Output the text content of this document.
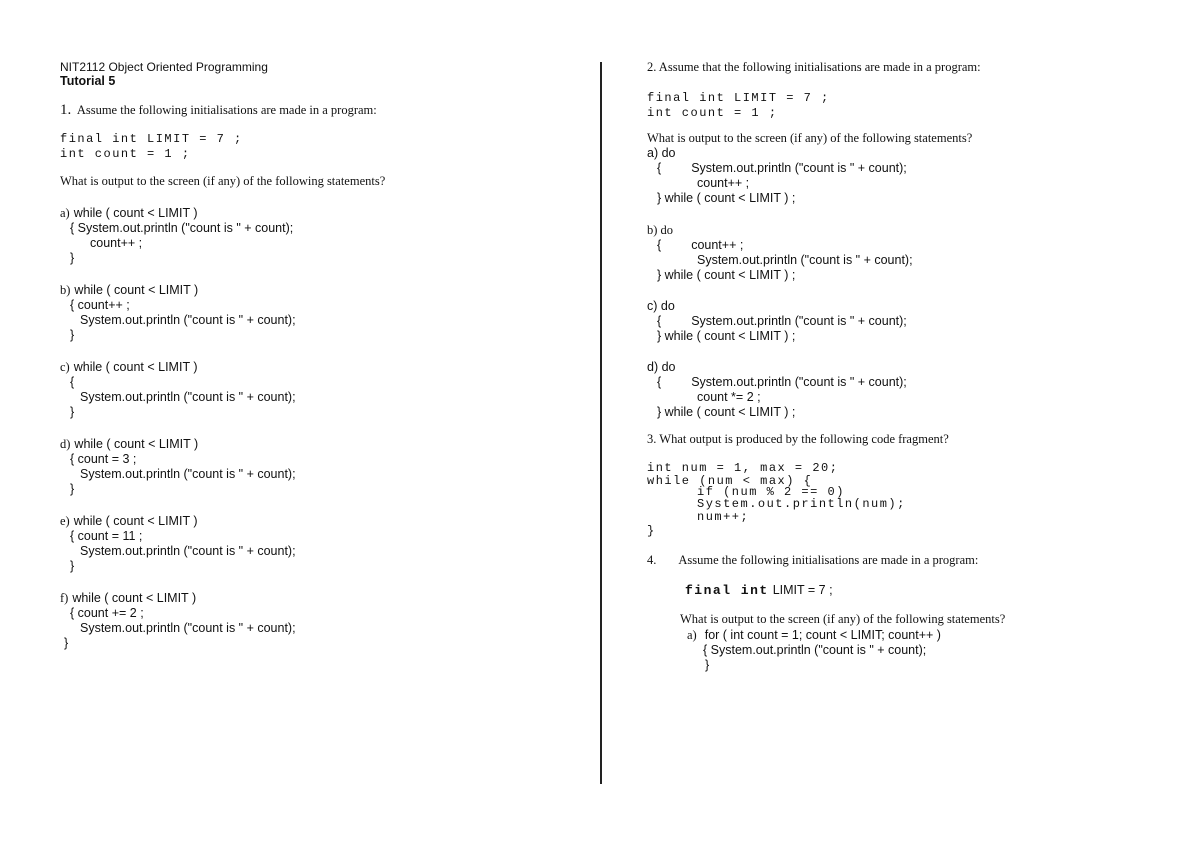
NIT2112 Object Oriented Programming
Tutorial 5
1. Assume the following initialisations are made in a program:
final int LIMIT = 7 ;
int count = 1 ;
What is output to the screen (if any) of the following statements?
a) while ( count < LIMIT )
{ System.out.println ("count is " + count);
count++ ;
}
b) while ( count < LIMIT )
{ count++ ;
System.out.println ("count is " + count);
}
c) while ( count < LIMIT )
{
System.out.println ("count is " + count);
}
d) while ( count < LIMIT )
{ count = 3 ;
System.out.println ("count is " + count);
}
e) while ( count < LIMIT )
{ count = 11 ;
System.out.println ("count is " + count);
}
f) while ( count < LIMIT )
{ count += 2 ;
System.out.println ("count is " + count);
}
2. Assume that the following initialisations are made in a program:
final int LIMIT = 7 ;
int count = 1 ;
What is output to the screen (if any) of the following statements?
a) do
{ System.out.println ("count is " + count);
count++ ;
} while ( count < LIMIT ) ;
b) do
{ count++ ;
System.out.println ("count is " + count);
} while ( count < LIMIT ) ;
c) do
{ System.out.println ("count is " + count);
} while ( count < LIMIT ) ;
d) do
{ System.out.println ("count is " + count);
count *= 2 ;
} while ( count < LIMIT ) ;
3. What output is produced by the following code fragment?
int num = 1, max = 20;
while (num < max) {
if (num % 2 == 0)
System.out.println(num);
num++;
}
4. Assume the following initialisations are made in a program:
final int LIMIT = 7 ;
What is output to the screen (if any) of the following statements?
a) for ( int count = 1; count < LIMIT; count++ )
{ System.out.println ("count is " + count);
}
